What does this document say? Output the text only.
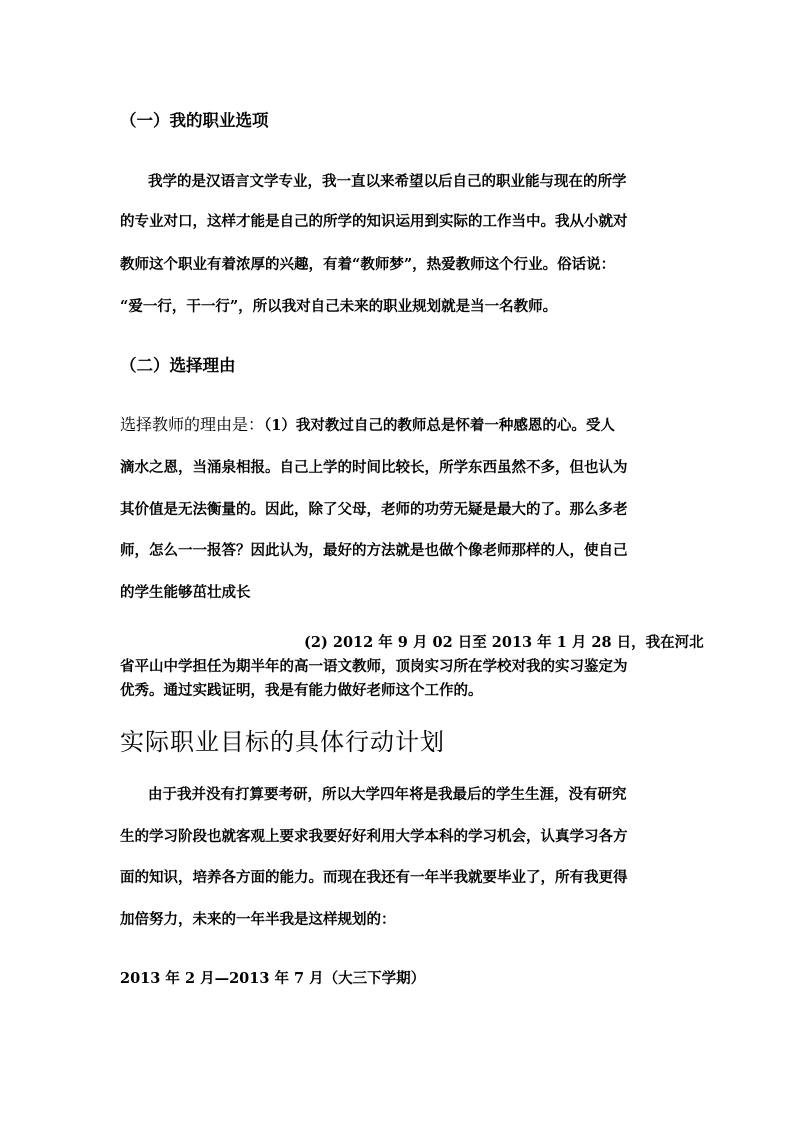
（一）我的职业选项
我学的是汉语言文学专业，我一直以来希望以后自己的职业能与现在的所学
的专业对口，这样才能是自己的所学的知识运用到实际的工作当中。我从小就对
教师这个职业有着浓厚的兴趣，有着“教师梦”，热爱教师这个行业。俗话说：
“爱一行，干一行”，所以我对自己未来的职业规划就是当一名教师。
（二）选择理由
选择教师的理由是：（1）我对教过自己的教师总是怀着一种感恩的心。受人
滴水之恩，当涌泉相报。自己上学的时间比较长，所学东西虽然不多，但也认为
其价值是无法衡量的。因此，除了父母，老师的功劳无疑是最大的了。那么多老
师，怎么一一报答？因此认为，最好的方法就是也做个像老师那样的人，使自己
的学生能够茁壮成长
(2) 2012 年 9 月 02 日至 2013 年 1 月 28 日，我在河北
省平山中学担任为期半年的高一语文教师，顶岗实习所在学校对我的实习鉴定为
优秀。通过实践证明，我是有能力做好老师这个工作的。
实际职业目标的具体行动计划
由于我并没有打算要考研，所以大学四年将是我最后的学生生涯，没有研究
生的学习阶段也就客观上要求我要好好利用大学本科的学习机会，认真学习各方
面的知识，培养各方面的能力。而现在我还有一年半我就要毕业了，所有我更得
加倍努力，未来的一年半我是这样规划的：
2013 年 2 月—2013 年 7 月（大三下学期）
